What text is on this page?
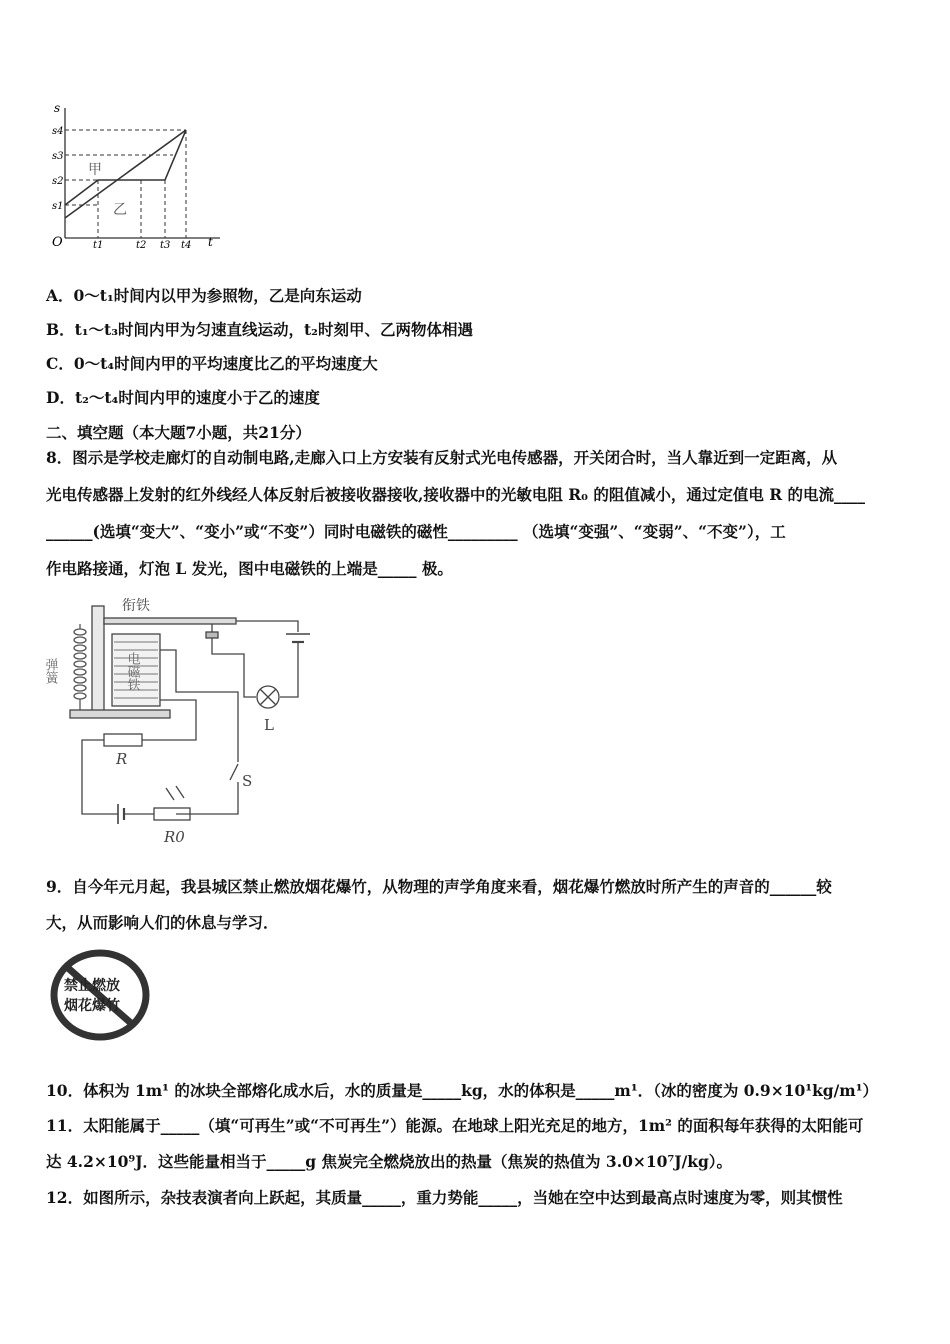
s
s4
s3
s2
s1
O	t1	t2 t3 t4 t
甲
乙
A．0～t₁时间内以甲为参照物，乙是向东运动
B．t₁～t₃时间内甲为匀速直线运动，t₂时刻甲、乙两物体相遇
C．0～t₄时间内甲的平均速度比乙的平均速度大
D．t₂～t₄时间内甲的速度小于乙的速度
二、填空题（本大题7小题，共21分）
8．图示是学校走廊灯的自动制电路,走廊入口上方安装有反射式光电传感器，开关闭合时，当人靠近到一定距离，从
光电传感器上发射的红外线经人体反射后被接收器接收,接收器中的光敏电阻 R₀ 的阻值减小，通过定值电 R 的电流____
______(选填“变大”、“变小”或“不变”）同时电磁铁的磁性_________ （选填“变强”、“变弱”、“不变”），工
作电路接通，灯泡 L 发光，图中电磁铁的上端是_____ 极。
衔铁
弹簧	电磁铁
L
R
S
R0
9．自今年元月起，我县城区禁止燃放烟花爆竹，从物理的声学角度来看，烟花爆竹燃放时所产生的声音的______较
大，从而影响人们的休息与学习．
禁止燃放
烟花爆竹
10．体积为 1m¹ 的冰块全部熔化成水后，水的质量是_____kg，水的体积是_____m¹．（冰的密度为 0.9×10¹kg/m¹）
11．太阳能属于_____（填“可再生”或“不可再生”）能源。在地球上阳光充足的地方，1m² 的面积每年获得的太阳能可
达 4.2×10⁹J．这些能量相当于_____g 焦炭完全燃烧放出的热量（焦炭的热值为 3.0×10⁷J/kg）。
12．如图所示，杂技表演者向上跃起，其质量_____，重力势能_____，当她在空中达到最高点时速度为零，则其惯性
